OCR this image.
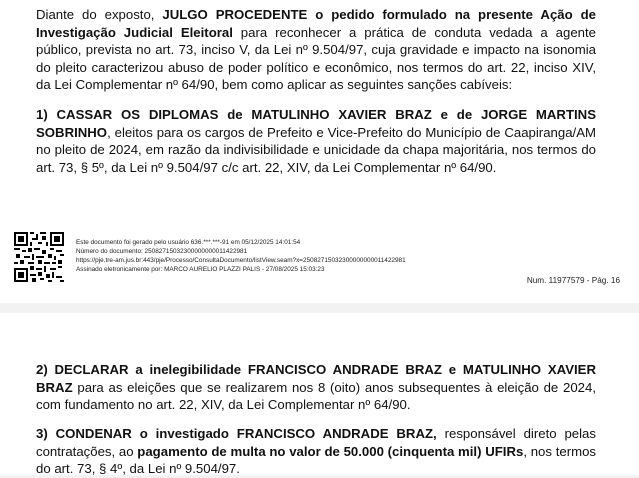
Diante do exposto, JULGO PROCEDENTE o pedido formulado na presente Ação de Investigação Judicial Eleitoral para reconhecer a prática de conduta vedada a agente público, prevista no art. 73, inciso V, da Lei nº 9.504/97, cuja gravidade e impacto na isonomia do pleito caracterizou abuso de poder político e econômico, nos termos do art. 22, inciso XIV, da Lei Complementar nº 64/90, bem como aplicar as seguintes sanções cabíveis:

1) CASSAR OS DIPLOMAS de MATULINHO XAVIER BRAZ e de JORGE MARTINS SOBRINHO, eleitos para os cargos de Prefeito e Vice-Prefeito do Município de Caapiranga/AM no pleito de 2024, em razão da indivisibilidade e unicidade da chapa majoritária, nos termos do art. 73, § 5º, da Lei nº 9.504/97 c/c art. 22, XIV, da Lei Complementar nº 64/90.

Este documento foi gerado pelo usuário 636.***.***-91 em 05/12/2025 14:01:54
Número do documento: 25082715032300000000011422981
https://pje.tre-am.jus.br:443/pje/Processo/ConsultaDocumento/listView.seam?x=25082715032300000000011422981
Assinado eletronicamente por: MARCO AURELIO PLAZZI PALIS - 27/08/2025 15:03:23
Num. 11977579 - Pág. 16

2) DECLARAR a inelegibilidade FRANCISCO ANDRADE BRAZ e MATULINHO XAVIER BRAZ para as eleições que se realizarem nos 8 (oito) anos subsequentes à eleição de 2024, com fundamento no art. 22, XIV, da Lei Complementar nº 64/90.

3) CONDENAR o investigado FRANCISCO ANDRADE BRAZ, responsável direto pelas contratações, ao pagamento de multa no valor de 50.000 (cinquenta mil) UFIRs, nos termos do art. 73, § 4º, da Lei nº 9.504/97.
